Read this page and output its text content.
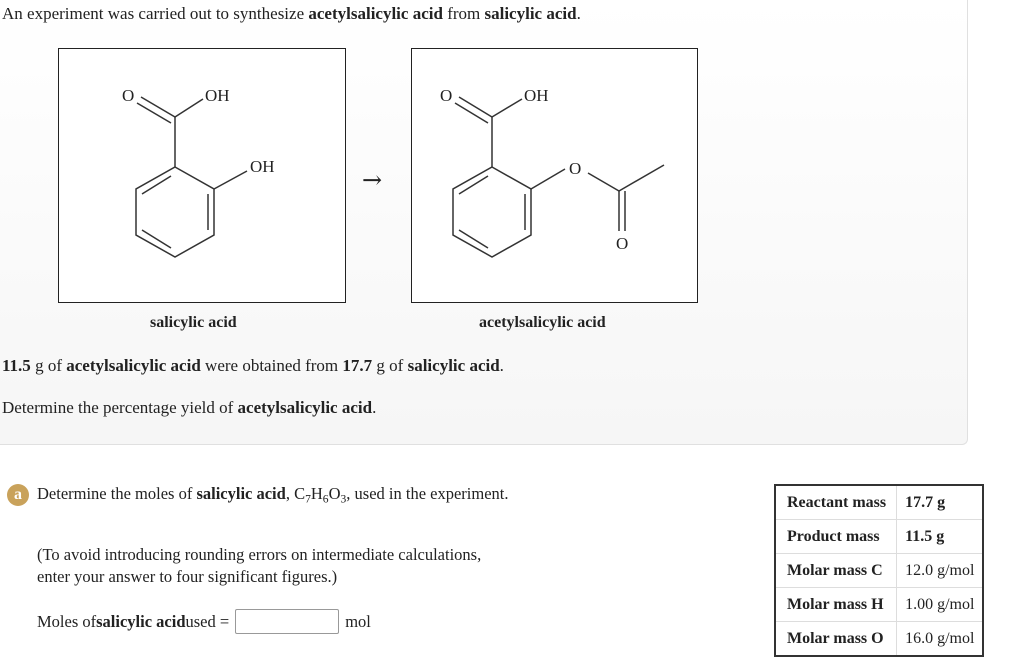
An experiment was carried out to synthesize acetylsalicylic acid from salicylic acid.
O	OH
OH	→
O	OH
O
O
salicylic acid	acetylsalicylic acid
11.5 g of acetylsalicylic acid were obtained from 17.7 g of salicylic acid.
Determine the percentage yield of acetylsalicylic acid.
a Determine the moles of salicylic acid, $C_7H_6O_3$, used in the experiment.
(To avoid introducing rounding errors on intermediate calculations, enter your answer to four significant figures.)
Moles of salicylic acid used =	mol
Reactant mass	17.7 g
Product mass	11.5 g
Molar mass C	12.0 g/mol
Molar mass H	1.00 g/mol
Molar mass O	16.0 g/mol
